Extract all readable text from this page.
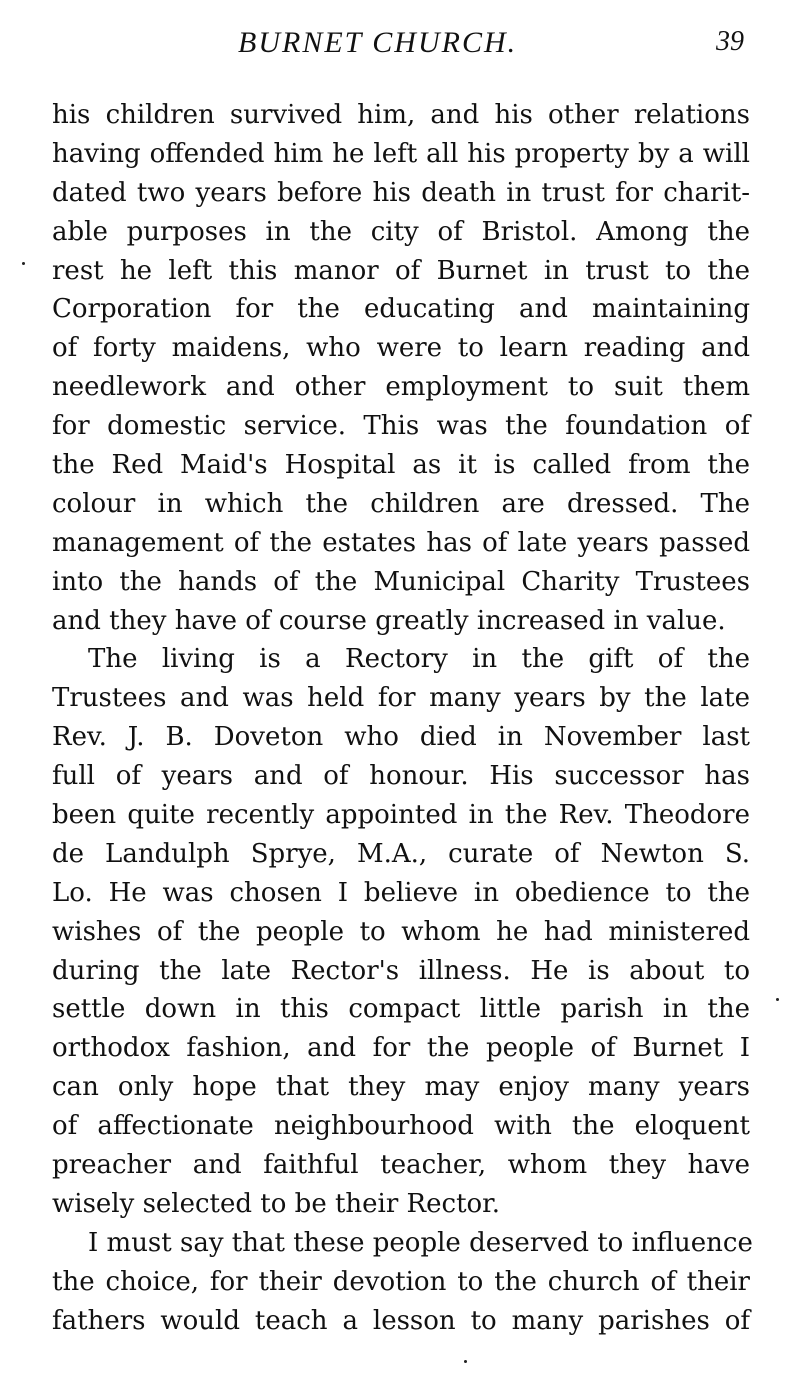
BURNET CHURCH.	39
his children survived him, and his other relations
having offended him he left all his property by a will
dated two years before his death in trust for charit-
able purposes in the city of Bristol. Among the
rest he left this manor of Burnet in trust to the
Corporation for the educating and maintaining
of forty maidens, who were to learn reading and
needlework and other employment to suit them
for domestic service. This was the foundation of
the Red Maid's Hospital as it is called from the
colour in which the children are dressed. The
management of the estates has of late years passed
into the hands of the Municipal Charity Trustees
and they have of course greatly increased in value.
The living is a Rectory in the gift of the
Trustees and was held for many years by the late
Rev. J. B. Doveton who died in November last
full of years and of honour. His successor has
been quite recently appointed in the Rev. Theodore
de Landulph Sprye, M.A., curate of Newton S.
Lo. He was chosen I believe in obedience to the
wishes of the people to whom he had ministered
during the late Rector's illness. He is about to
settle down in this compact little parish in the
orthodox fashion, and for the people of Burnet I
can only hope that they may enjoy many years
of affectionate neighbourhood with the eloquent
preacher and faithful teacher, whom they have
wisely selected to be their Rector.
I must say that these people deserved to influence
the choice, for their devotion to the church of their
fathers would teach a lesson to many parishes of
